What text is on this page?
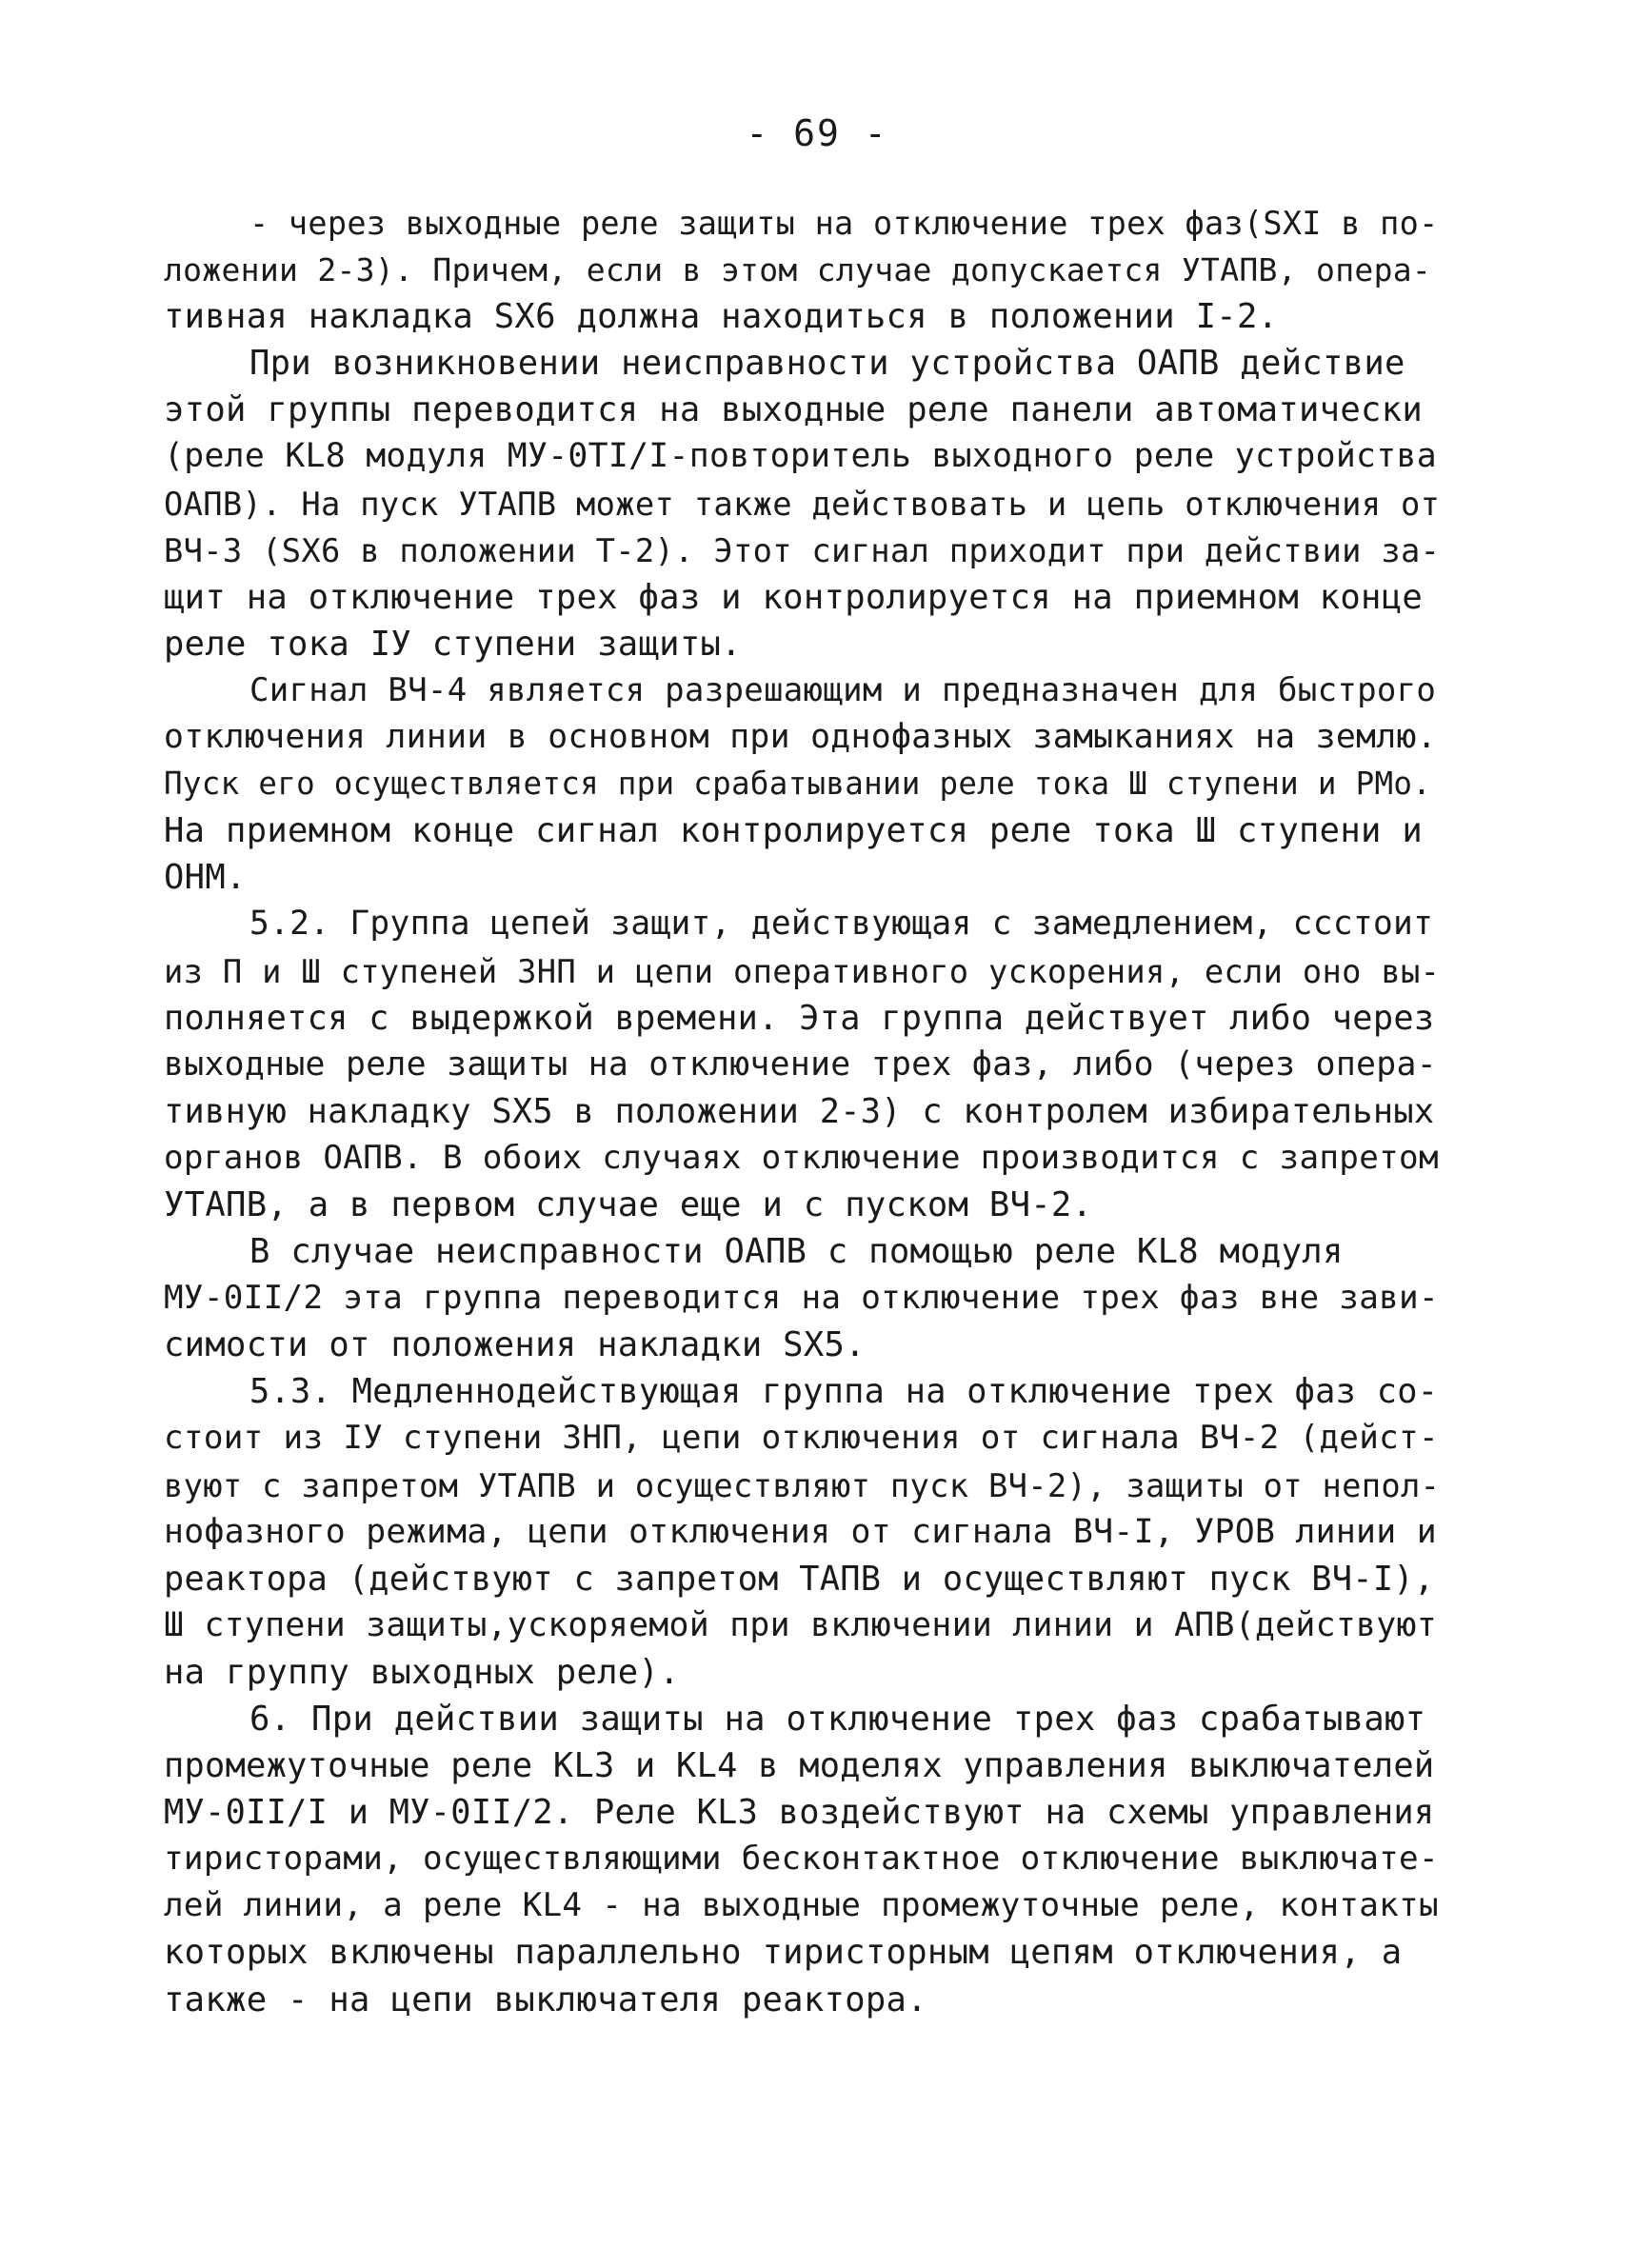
- 69 -
- через выходные реле защиты на отключение трех фаз(SXI в по-
ложении 2-3). Причем, если в этом случае допускается УТАПВ, опера-
тивная накладка SX6 должна находиться в положении I-2.
При возникновении неисправности устройства ОАПВ действие
этой группы переводится на выходные реле панели автоматически
(реле KL8 модуля МУ-0ТI/I-повторитель выходного реле устройства
ОАПВ). На пуск УТАПВ может также действовать и цепь отключения от
ВЧ-3 (SX6 в положении Т-2). Этот сигнал приходит при действии за-
щит на отключение трех фаз и контролируется на приемном конце
реле тока IУ ступени защиты.
Сигнал ВЧ-4 является разрешающим и предназначен для быстрого
отключения линии в основном при однофазных замыканиях на землю.
Пуск его осуществляется при срабатывании реле тока Ш ступени и РМо.
На приемном конце сигнал контролируется реле тока Ш ступени и
ОНМ.
5.2. Группа цепей защит, действующая с замедлением, ссстоит
из П и Ш ступеней ЗНП и цепи оперативного ускорения, если оно вы-
полняется с выдержкой времени. Эта группа действует либо через
выходные реле защиты на отключение трех фаз, либо (через опера-
тивную накладку SX5 в положении 2-3) с контролем избирательных
органов ОАПВ. В обоих случаях отключение производится с запретом
УТАПВ, а в первом случае еще и с пуском ВЧ-2.
В случае неисправности ОАПВ с помощью реле KL8 модуля
МУ-0II/2 эта группа переводится на отключение трех фаз вне зави-
симости от положения накладки SX5.
5.3. Медленнодействующая группа на отключение трех фаз со-
стоит из IУ ступени ЗНП, цепи отключения от сигнала ВЧ-2 (дейст-
вуют с запретом УТАПВ и осуществляют пуск ВЧ-2), защиты от непол-
нофазного режима, цепи отключения от сигнала ВЧ-I, УРОВ линии и
реактора (действуют с запретом ТАПВ и осуществляют пуск ВЧ-I),
Ш ступени защиты,ускоряемой при включении линии и АПВ(действуют
на группу выходных реле).
6. При действии защиты на отключение трех фаз срабатывают
промежуточные реле KL3 и KL4 в моделях управления выключателей
МУ-0II/I и МУ-0II/2. Реле KL3 воздействуют на схемы управления
тиристорами, осуществляющими бесконтактное отключение выключате-
лей линии, а реле KL4 - на выходные промежуточные реле, контакты
которых включены параллельно тиристорным цепям отключения, а
также - на цепи выключателя реактора.
